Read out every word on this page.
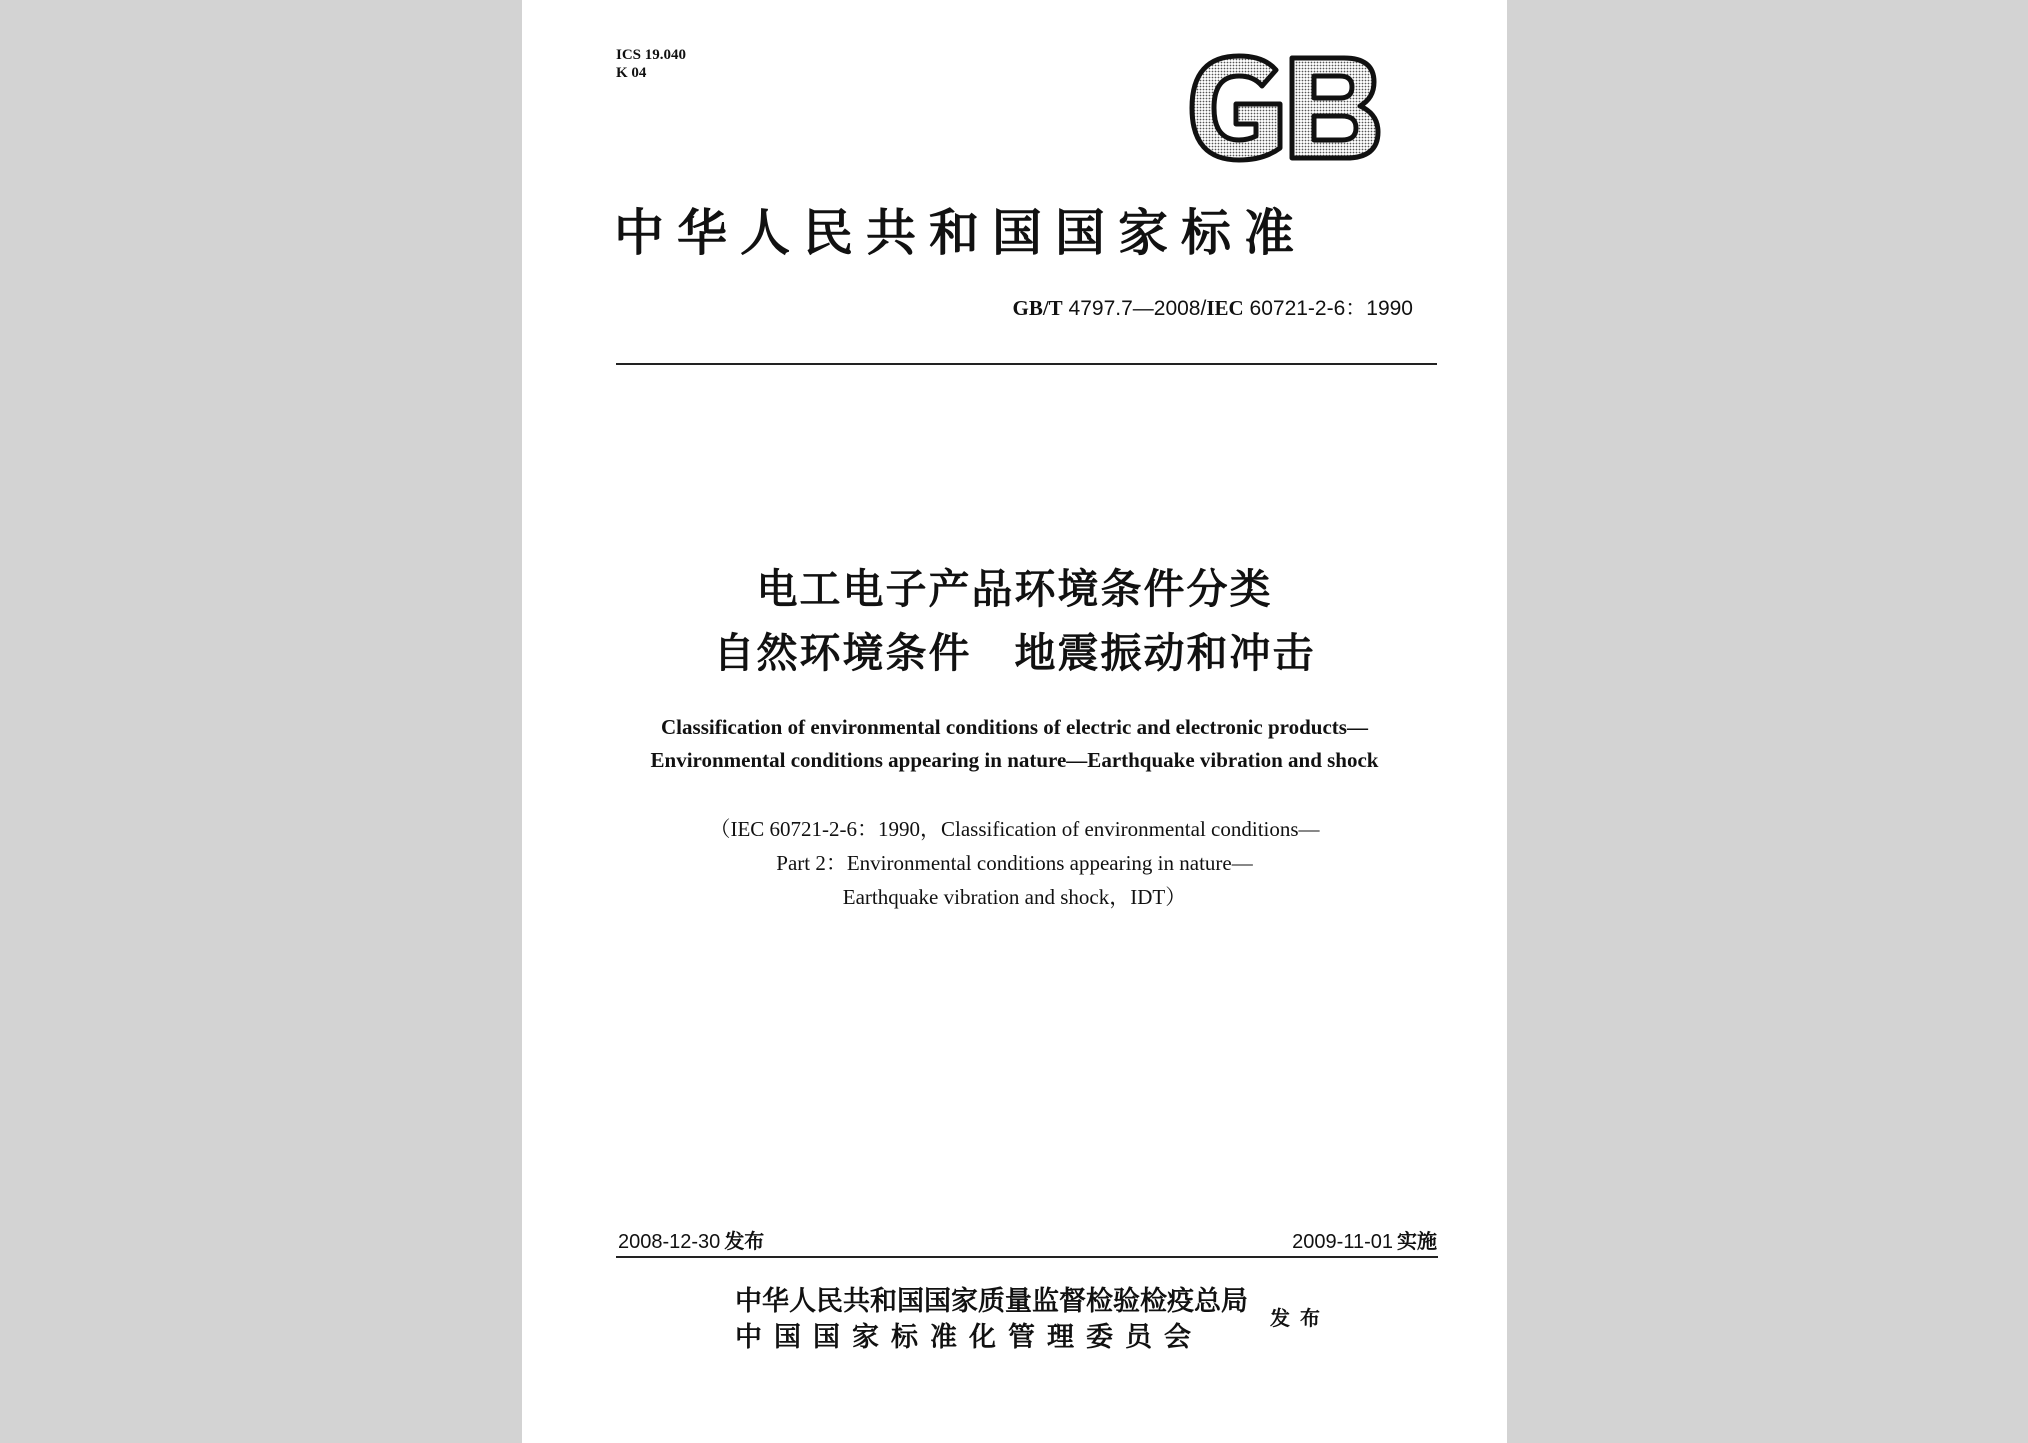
ICS 19.040
K 04
中华人民共和国国家标准
GB/T 4797.7—2008/IEC 60721-2-6：1990
电工电子产品环境条件分类
自然环境条件　地震振动和冲击
Classification of environmental conditions of electric and electronic products—
Environmental conditions appearing in nature—Earthquake vibration and shock
（IEC 60721-2-6：1990，Classification of environmental conditions—
Part 2：Environmental conditions appearing in nature—
Earthquake vibration and shock，IDT）
2008-12-30 发布	2009-11-01 实施
中华人民共和国国家质量监督检验检疫总局
中国国家标准化管理委员会
发布
